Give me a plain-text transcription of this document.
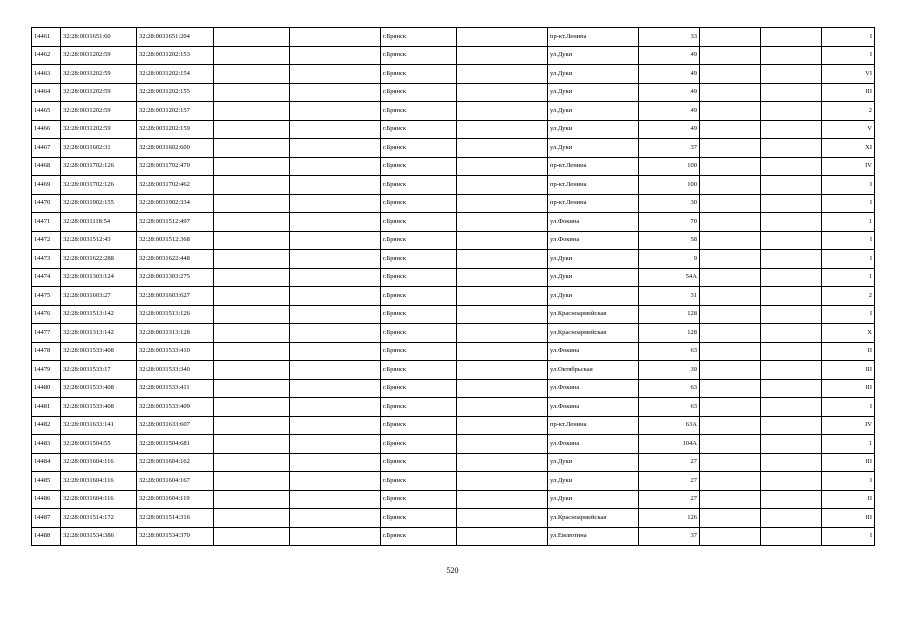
14461	32:28:0031651:60	32:28:0031651:204			г.Брянск		пр-кт.Ленина	33			I
14462	32:28:0031202:59	32:28:0031202:153			г.Брянск		ул.Дуки	49			I
14463	32:28:0031202:59	32:28:0031202:154			г.Брянск		ул.Дуки	49			VI
14464	32:28:0031202:59	32:28:0031202:155			г.Брянск		ул.Дуки	49			III
14465	32:28:0031202:59	32:28:0031202:157			г.Брянск		ул.Дуки	49			2
14466	32:28:0031202:59	32:28:0031202:159			г.Брянск		ул.Дуки	49			V
14467	32:28:0031602:31	32:28:0031602:600			г.Брянск		ул.Дуки	37			XI
14468	32:28:0031702:126	32:28:0031702:470			г.Брянск		пр-кт.Ленина	100			IV
14469	32:28:0031702:126	32:28:0031702:462			г.Брянск		пр-кт.Ленина	100			I
14470	32:28:0031902:155	32:28:0031902:334			г.Брянск		пр-кт.Ленина	30			I
14471	32:28:0031118:54	32:28:0031512:497			г.Брянск		ул.Фокина	70			1
14472	32:28:0031512:43	32:28:0031512:368			г.Брянск		ул.Фокина	58			I
14473	32:28:0031622:288	32:28:0031622:448			г.Брянск		ул.Дуки	9			I
14474	32:28:0031303:124	32:28:0031303:275			г.Брянск		ул.Дуки	54А			1
14475	32:28:0031603:27	32:28:0031603:627			г.Брянск		ул.Дуки	31			2
14476	32:28:0031513:142	32:28:0031513:126			г.Брянск		ул.Красноармейская	128			I
14477	32:28:0031313:142	32:28:0031313:128			г.Брянск		ул.Красноармейская	128			X
14478	32:28:0031533:408	32:28:0031533:410			г.Брянск		ул.Фокина	63			II
14479	32:28:0031533:17	32:28:0031533:340			г.Брянск		ул.Октябрьская	39			III
14480	32:28:0031533:408	32:28:0031533:411			г.Брянск		ул.Фокина	63			III
14481	32:28:0031533:408	32:28:0031533:409			г.Брянск		ул.Фокина	63			I
14482	32:28:0031633:141	32:28:0031633:607			г.Брянск		пр-кт.Ленина	63А			IV
14483	32:28:0031504:55	32:28:0031504:681			г.Брянск		ул.Фокина	104А			1
14484	32:28:0031604:116	32:28:0031604:162			г.Брянск		ул.Дуки	27			III
14485	32:28:0031604:116	32:28:0031604:167			г.Брянск		ул.Дуки	27			I
14486	32:28:0031604:116	32:28:0031604:119			г.Брянск		ул.Дуки	27			II
14487	32:28:0031514:172	32:28:0031514:316			г.Брянск		ул.Красноармейская	126			III
14488	32:28:0031534:386	32:28:0031534:370			г.Брянск		ул.Емлютина	37			I
520
